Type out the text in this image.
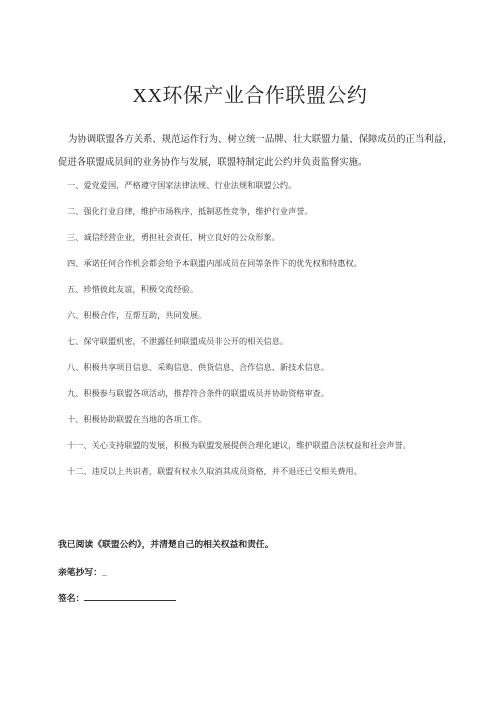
XX环保产业合作联盟公约
为协调联盟各方关系、规范运作行为、树立统一品牌、壮大联盟力量、保障成员的正当利益，促进各联盟成员间的业务协作与发展，联盟特制定此公约并负责监督实施。

一、爱党爱国，严格遵守国家法律法规、行业法规和联盟公约。

二、强化行业自律，维护市场秩序，抵制恶性竞争，维护行业声誉。

三、诚信经营企业，勇担社会责任，树立良好的公众形象。

四、承诺任何合作机会都会给予本联盟内部成员在同等条件下的优先权和特惠权。

五、珍惜彼此友谊，积极交流经验。

六、积极合作，互帮互助，共同发展。

七、保守联盟机密，不泄露任何联盟成员非公开的相关信息。

八、积极共享项目信息、采购信息、供货信息、合作信息、新技术信息。

九、积极参与联盟各项活动，推荐符合条件的联盟成员并协助资格审查。

十、积极协助联盟在当地的各项工作。

十一、关心支持联盟的发展，积极为联盟发展提供合理化建议，维护联盟合法权益和社会声誉。

十二、违反以上共识者，联盟有权永久取消其成员资格，并不退还已交相关费用。

我已阅读《联盟公约》，并清楚自己的相关权益和责任。
亲笔抄写：_
签名：
